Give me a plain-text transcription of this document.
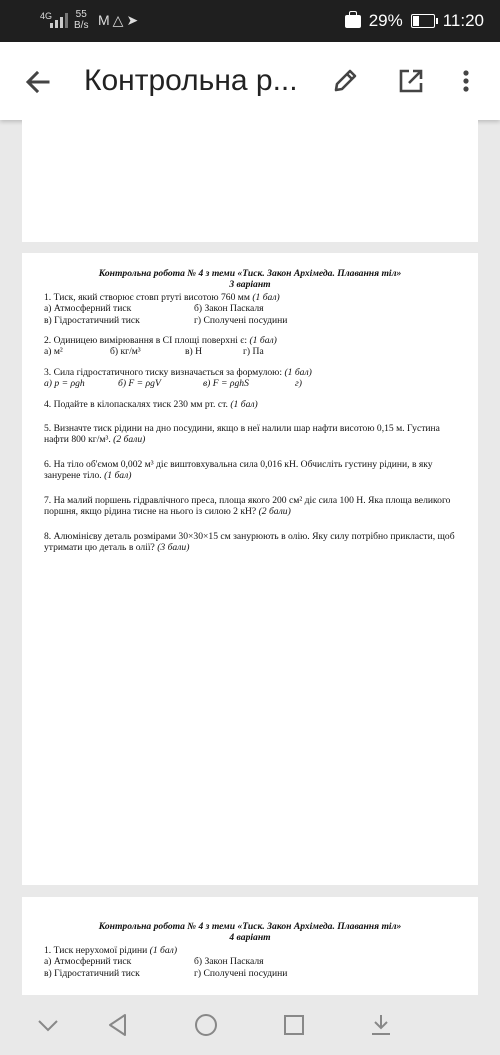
4G 55
B/s M△➤	29% 11:20
Контрольна р...
Контрольна робота № 4 з теми «Тиск. Закон Архімеда. Плавання тіл»
3 варіант
1. Тиск, який створює стовп ртуті висотою 760 мм (1 бал)
а) Атмосферний тиск	б) Закон Паскаля
в) Гідростатичний тиск	г) Сполучені посудини
2. Одиницею вимірювання в СІ площі поверхні є: (1 бал)
а) м²	б) кг/м³	в) Н	г) Па
3. Сила гідростатичного тиску визначається за формулою: (1 бал)
а) p = ρgh	б) F = ρgV	в) F = ρghS	г)
4. Подайте в кілопаскалях тиск 230 мм рт. ст. (1 бал)
5. Визначте тиск рідини на дно посудини, якщо в неї налили шар нафти висотою 0,15 м. Густина нафти 800 кг/м³. (2 бали)
6. На тіло об'ємом 0,002 м³ діє виштовхувальна сила 0,016 кН. Обчисліть густину рідини, в яку занурене тіло. (1 бал)
7. На малий поршень гідравлічного преса, площа якого 200 см² діє сила 100 Н. Яка площа великого поршня, якщо рідина тисне на нього із силою 2 кН? (2 бали)
8. Алюмінієву деталь розмірами 30×30×15 см занурюють в олію. Яку силу потрібно прикласти, щоб утримати цю деталь в олії? (3 бали)
Контрольна робота № 4 з теми «Тиск. Закон Архімеда. Плавання тіл»
4 варіант
1. Тиск нерухомої рідини (1 бал)
а) Атмосферний тиск	б) Закон Паскаля
в) Гідростатичний тиск	г) Сполучені посудини
